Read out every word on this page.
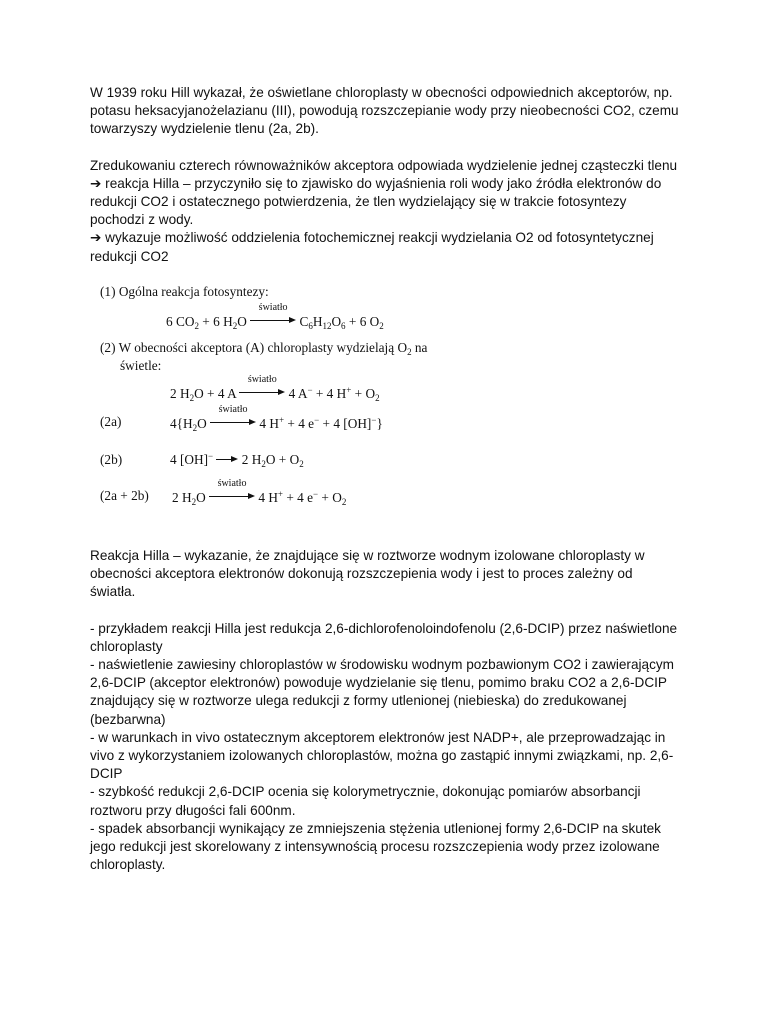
W 1939 roku Hill wykazał, że oświetlane chloroplasty w obecności odpowiednich akceptorów, np. potasu heksacyjanożelazianu (III), powodują rozszczepianie wody przy nieobecności CO2, czemu towarzyszy wydzielenie tlenu (2a, 2b).

Zredukowaniu czterech równoważników akceptora odpowiada wydzielenie jednej cząsteczki tlenu ➔ reakcja Hilla – przyczyniło się to zjawisko do wyjaśnienia roli wody jako źródła elektronów do redukcji CO2 i ostatecznego potwierdzenia, że tlen wydzielający się w trakcie fotosyntezy pochodzi z wody.

➔ wykazuje możliwość oddzielenia fotochemicznej reakcji wydzielania O2 od fotosyntetycznej redukcji CO2

(1) Ogólna reakcja fotosyntezy:
6 $CO_2 + 6$ $H_2O$
światło
$C_6H_{12}O_6 + 6$ $O_2$
(2) W obecności akceptora (A) chloroplasty wydzielają $O_2$ na
świetle:
2 $H_2O + 4$ A
światło
4 A− + 4 $H^+ + O_2$
(2a)	$4\{H_2O$
światło
4 H+ + 4 e− + 4 [OH]−}
(2b)	4 [OH]−
2 $H_2O + O_2$
(2a + 2b) 2 $H_2O$
światło
4 H+ + 4 $e^- + O_2$

Reakcja Hilla – wykazanie, że znajdujące się w roztworze wodnym izolowane chloroplasty w obecności akceptora elektronów dokonują rozszczepienia wody i jest to proces zależny od światła.

- przykładem reakcji Hilla jest redukcja 2,6-dichlorofenoloindofenolu (2,6-DCIP) przez naświetlone chloroplasty

- naświetlenie zawiesiny chloroplastów w środowisku wodnym pozbawionym CO2 i zawierającym 2,6-DCIP (akceptor elektronów) powoduje wydzielanie się tlenu, pomimo braku CO2 a 2,6-DCIP znajdujący się w roztworze ulega redukcji z formy utlenionej (niebieska) do zredukowanej (bezbarwna)

- w warunkach in vivo ostatecznym akceptorem elektronów jest NADP+, ale przeprowadzając in vivo z wykorzystaniem izolowanych chloroplastów, można go zastąpić innymi związkami, np. 2,6-DCIP

- szybkość redukcji 2,6-DCIP ocenia się kolorymetrycznie, dokonując pomiarów absorbancji roztworu przy długości fali 600nm.

- spadek absorbancji wynikający ze zmniejszenia stężenia utlenionej formy 2,6-DCIP na skutek jego redukcji jest skorelowany z intensywnością procesu rozszczepienia wody przez izolowane chloroplasty.
